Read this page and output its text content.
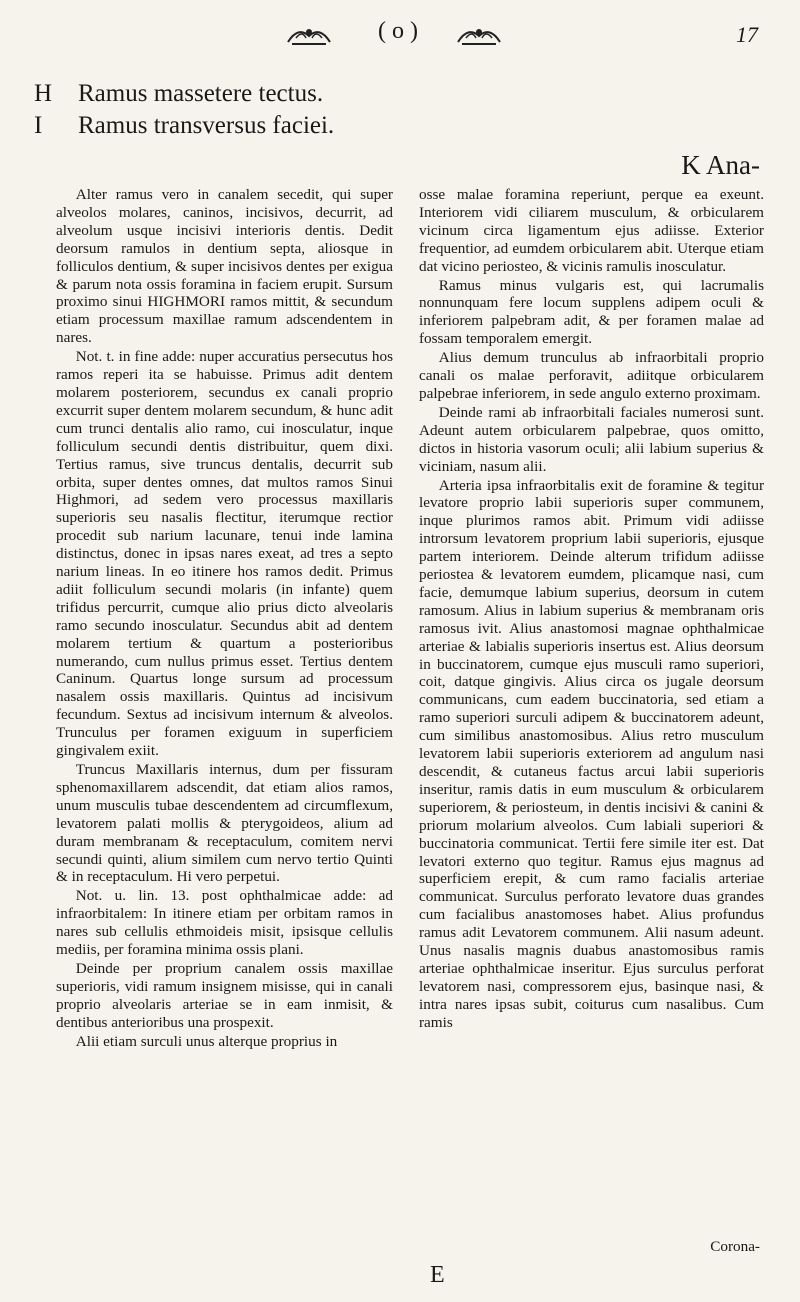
(o)	17
H	Ramus massetere tectus.
I	Ramus transversus faciei.
K Ana-

Alter ramus vero in canalem secedit, qui super alveolos molares, caninos, incisivos, decurrit, ad alveolum usque incisivi interioris dentis. Dedit deorsum ramulos in dentium septa, aliosque in folliculos dentium, & super incisivos dentes per exigua & parum nota ossis foramina in faciem erupit. Sursum proximo sinui HIGHMORI ramos mittit, & secundum etiam processum maxillae ramum adscendentem in nares.

Not. t. in fine adde: nuper accuratius persecutus hos ramos reperi ita se habuisse. Primus adit dentem molarem posteriorem, secundus ex canali proprio excurrit super dentem molarem secundum, & hunc adit cum trunci dentalis alio ramo, cui inosculatur, inque folliculum secundi dentis distribuitur, quem dixi. Tertius ramus, sive truncus dentalis, decurrit sub orbita, super dentes omnes, dat multos ramos Sinui Highmori, ad sedem vero processus maxillaris superioris seu nasalis flectitur, iterumque rectior procedit sub narium lacunare, tenui inde lamina distinctus, donec in ipsas nares exeat, ad tres a septo narium lineas. In eo itinere hos ramos dedit. Primus adiit folliculum secundi molaris (in infante) quem trifidus percurrit, cumque alio prius dicto alveolaris ramo secundo inosculatur. Secundus abit ad dentem molarem tertium & quartum a posterioribus numerando, cum nullus primus esset. Tertius dentem Caninum. Quartus longe sursum ad processum nasalem ossis maxillaris. Quintus ad incisivum fecundum. Sextus ad incisivum internum & alveolos. Trunculus per foramen exiguum in superficiem gingivalem exiit.

Truncus Maxillaris internus, dum per fissuram sphenomaxillarem adscendit, dat etiam alios ramos, unum musculis tubae descendentem ad circumflexum, levatorem palati mollis & pterygoideos, alium ad duram membranam & receptaculum, comitem nervi secundi quinti, alium similem cum nervo tertio Quinti & in receptaculum. Hi vero perpetui.

Not. u. lin. 13. post ophthalmicae adde: ad infraorbitalem: In itinere etiam per orbitam ramos in nares sub cellulis ethmoideis misit, ipsisque cellulis mediis, per foramina minima ossis plani.

Deinde per proprium canalem ossis maxillae superioris, vidi ramum insignem misisse, qui in canali proprio alveolaris arteriae se in eam inmisit, & dentibus anterioribus una prospexit.

Alii etiam surculi unus alterque proprius in

osse malae foramina reperiunt, perque ea exeunt. Interiorem vidi ciliarem musculum, & orbicularem vicinum circa ligamentum ejus adiisse. Exterior frequentior, ad eumdem orbicularem abit. Uterque etiam dat vicino periosteo, & vicinis ramulis inosculatur.

Ramus minus vulgaris est, qui lacrumalis nonnunquam fere locum supplens adipem oculi & inferiorem palpebram adit, & per foramen malae ad fossam temporalem emergit.

Alius demum trunculus ab infraorbitali proprio canali os malae perforavit, adiitque orbicularem palpebrae inferiorem, in sede angulo externo proximam.

Deinde rami ab infraorbitali faciales numerosi sunt. Adeunt autem orbicularem palpebrae, quos omitto, dictos in historia vasorum oculi; alii labium superius & viciniam, nasum alii.

Arteria ipsa infraorbitalis exit de foramine & tegitur levatore proprio labii superioris super communem, inque plurimos ramos abit. Primum vidi adiisse introrsum levatorem proprium labii superioris, ejusque partem interiorem. Deinde alterum trifidum adiisse periostea & levatorem eumdem, plicamque nasi, cum facie, demumque labium superius, deorsum in cutem ramosum. Alius in labium superius & membranam oris ramosus ivit. Alius anastomosi magnae ophthalmicae arteriae & labialis superioris insertus est. Alius deorsum in buccinatorem, cumque ejus musculi ramo superiori, coit, datque gingivis. Alius circa os jugale deorsum communicans, cum eadem buccinatoria, sed etiam a ramo superiori surculi adipem & buccinatorem adeunt, cum similibus anastomosibus. Alius retro musculum levatorem labii superioris exteriorem ad angulum nasi descendit, & cutaneus factus arcui labii superioris inseritur, ramis datis in eum musculum & orbicularem superiorem, & periosteum, in dentis incisivi & canini & priorum molarium alveolos. Cum labiali superiori & buccinatoria communicat. Tertii fere simile iter est. Dat levatori externo quo tegitur. Ramus ejus magnus ad superficiem erepit, & cum ramo facialis arteriae communicat. Surculus perforato levatore duas grandes cum facialibus anastomoses habet. Alius profundus ramus adit Levatorem communem. Alii nasum adeunt. Unus nasalis magnis duabus anastomosibus ramis arteriae ophthalmicae inseritur. Ejus surculus perforat levatorem nasi, compressorem ejus, basinque nasi, & intra nares ipsas subit, coiturus cum nasalibus. Cum ramis

Corona-
E
